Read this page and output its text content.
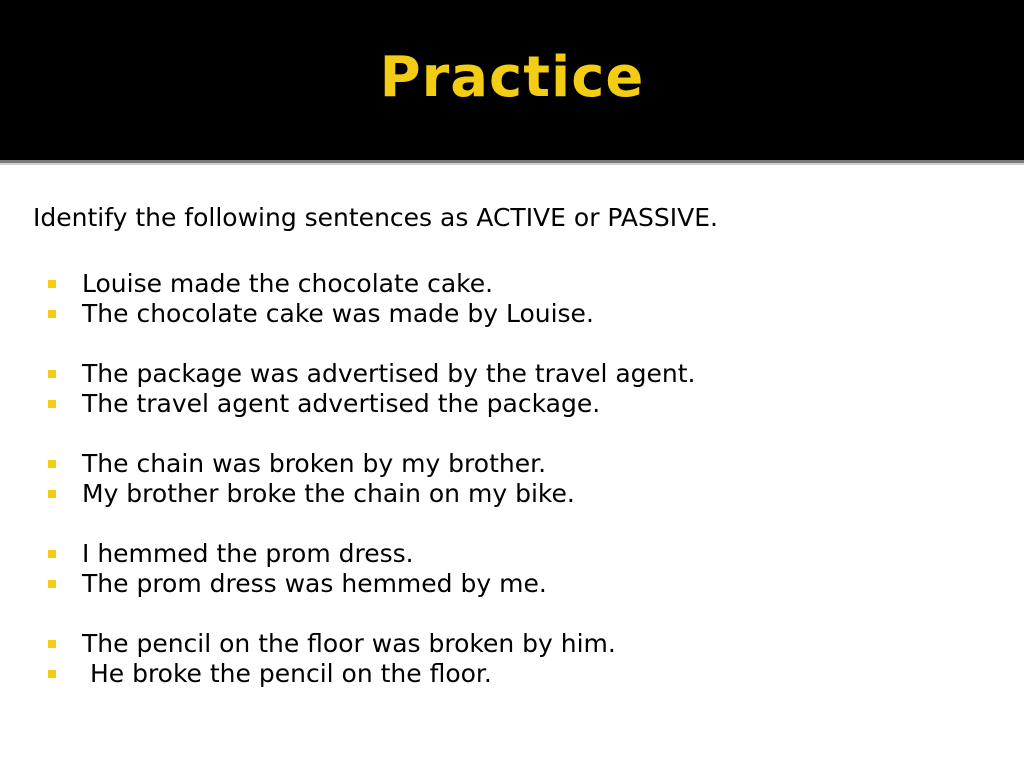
Practice
Identify the following sentences as ACTIVE or PASSIVE.

Louise made the chocolate cake.

The chocolate cake was made by Louise.

The package was advertised by the travel agent.

The travel agent advertised the package.

The chain was broken by my brother.

My brother broke the chain on my bike.

I hemmed the prom dress.

The prom dress was hemmed by me.

The pencil on the floor was broken by him.

He broke the pencil on the floor.
